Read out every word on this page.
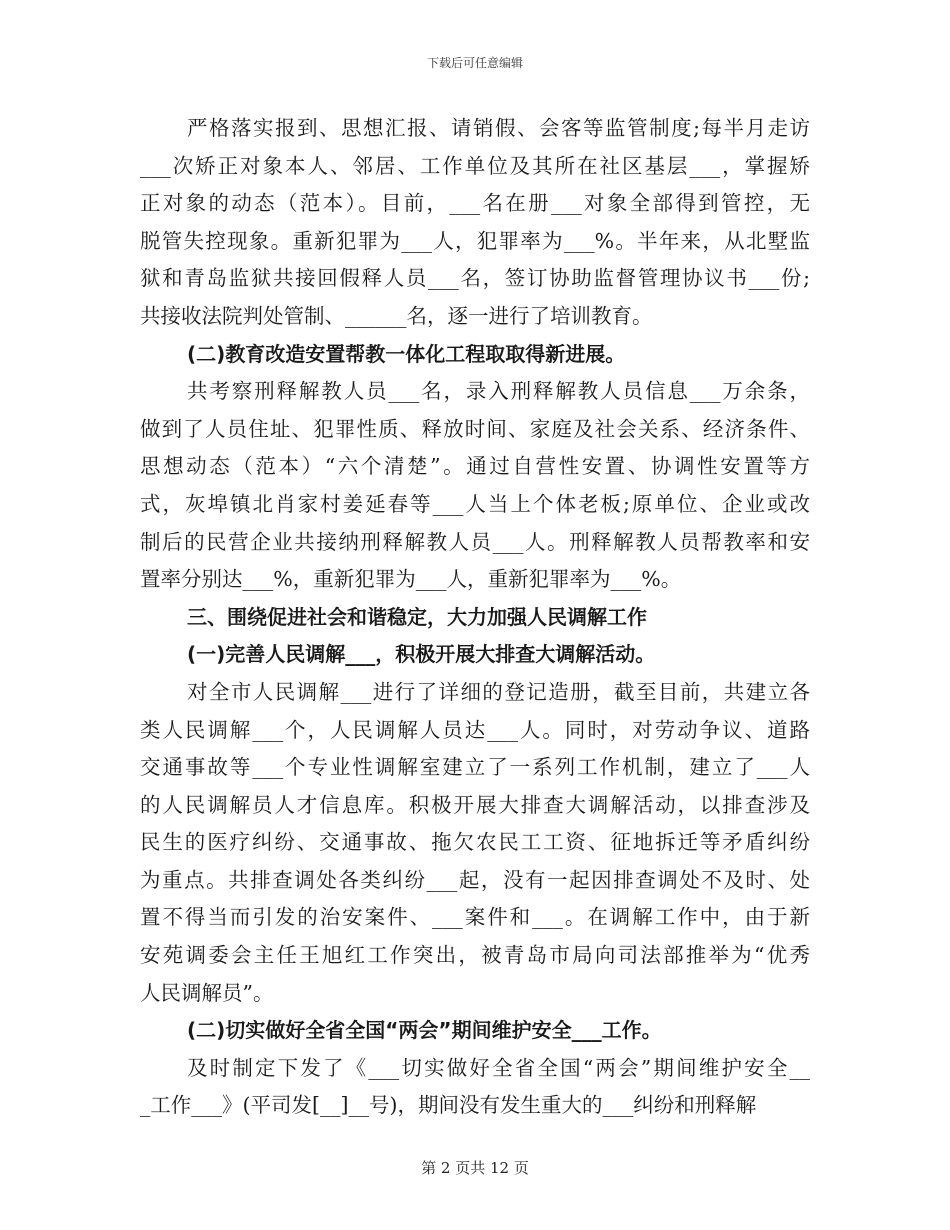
下载后可任意编辑
严格落实报到、思想汇报、请销假、会客等监管制度;每半月走访
___次矫正对象本人、邻居、工作单位及其所在社区基层___，掌握矫
正对象的动态（范本）。目前，___名在册___对象全部得到管控，无
脱管失控现象。重新犯罪为___人，犯罪率为___%。半年来，从北墅监
狱和青岛监狱共接回假释人员___名，签订协助监督管理协议书___份;
共接收法院判处管制、______名，逐一进行了培训教育。
(二)教育改造安置帮教一体化工程取取得新进展。
共考察刑释解教人员___名，录入刑释解教人员信息___万余条，
做到了人员住址、犯罪性质、释放时间、家庭及社会关系、经济条件、
思想动态（范本）“六个清楚”。通过自营性安置、协调性安置等方
式，灰埠镇北肖家村姜延春等___人当上个体老板;原单位、企业或改
制后的民营企业共接纳刑释解教人员___人。刑释解教人员帮教率和安
置率分别达___%，重新犯罪为___人，重新犯罪率为___%。
三、围绕促进社会和谐稳定，大力加强人民调解工作
(一)完善人民调解___，积极开展大排查大调解活动。
对全市人民调解___进行了详细的登记造册，截至目前，共建立各
类人民调解___个，人民调解人员达___人。同时，对劳动争议、道路
交通事故等___个专业性调解室建立了一系列工作机制，建立了___人
的人民调解员人才信息库。积极开展大排查大调解活动，以排查涉及
民生的医疗纠纷、交通事故、拖欠农民工工资、征地拆迁等矛盾纠纷
为重点。共排查调处各类纠纷___起，没有一起因排查调处不及时、处
置不得当而引发的治安案件、___案件和___。在调解工作中，由于新
安苑调委会主任王旭红工作突出，被青岛市局向司法部推举为“优秀
人民调解员”。
(二)切实做好全省全国“两会”期间维护安全___工作。
及时制定下发了《___切实做好全省全国“两会”期间维护安全__
_工作___》(平司发[__]__号)，期间没有发生重大的___纠纷和刑释解
第 2 页共 12 页
